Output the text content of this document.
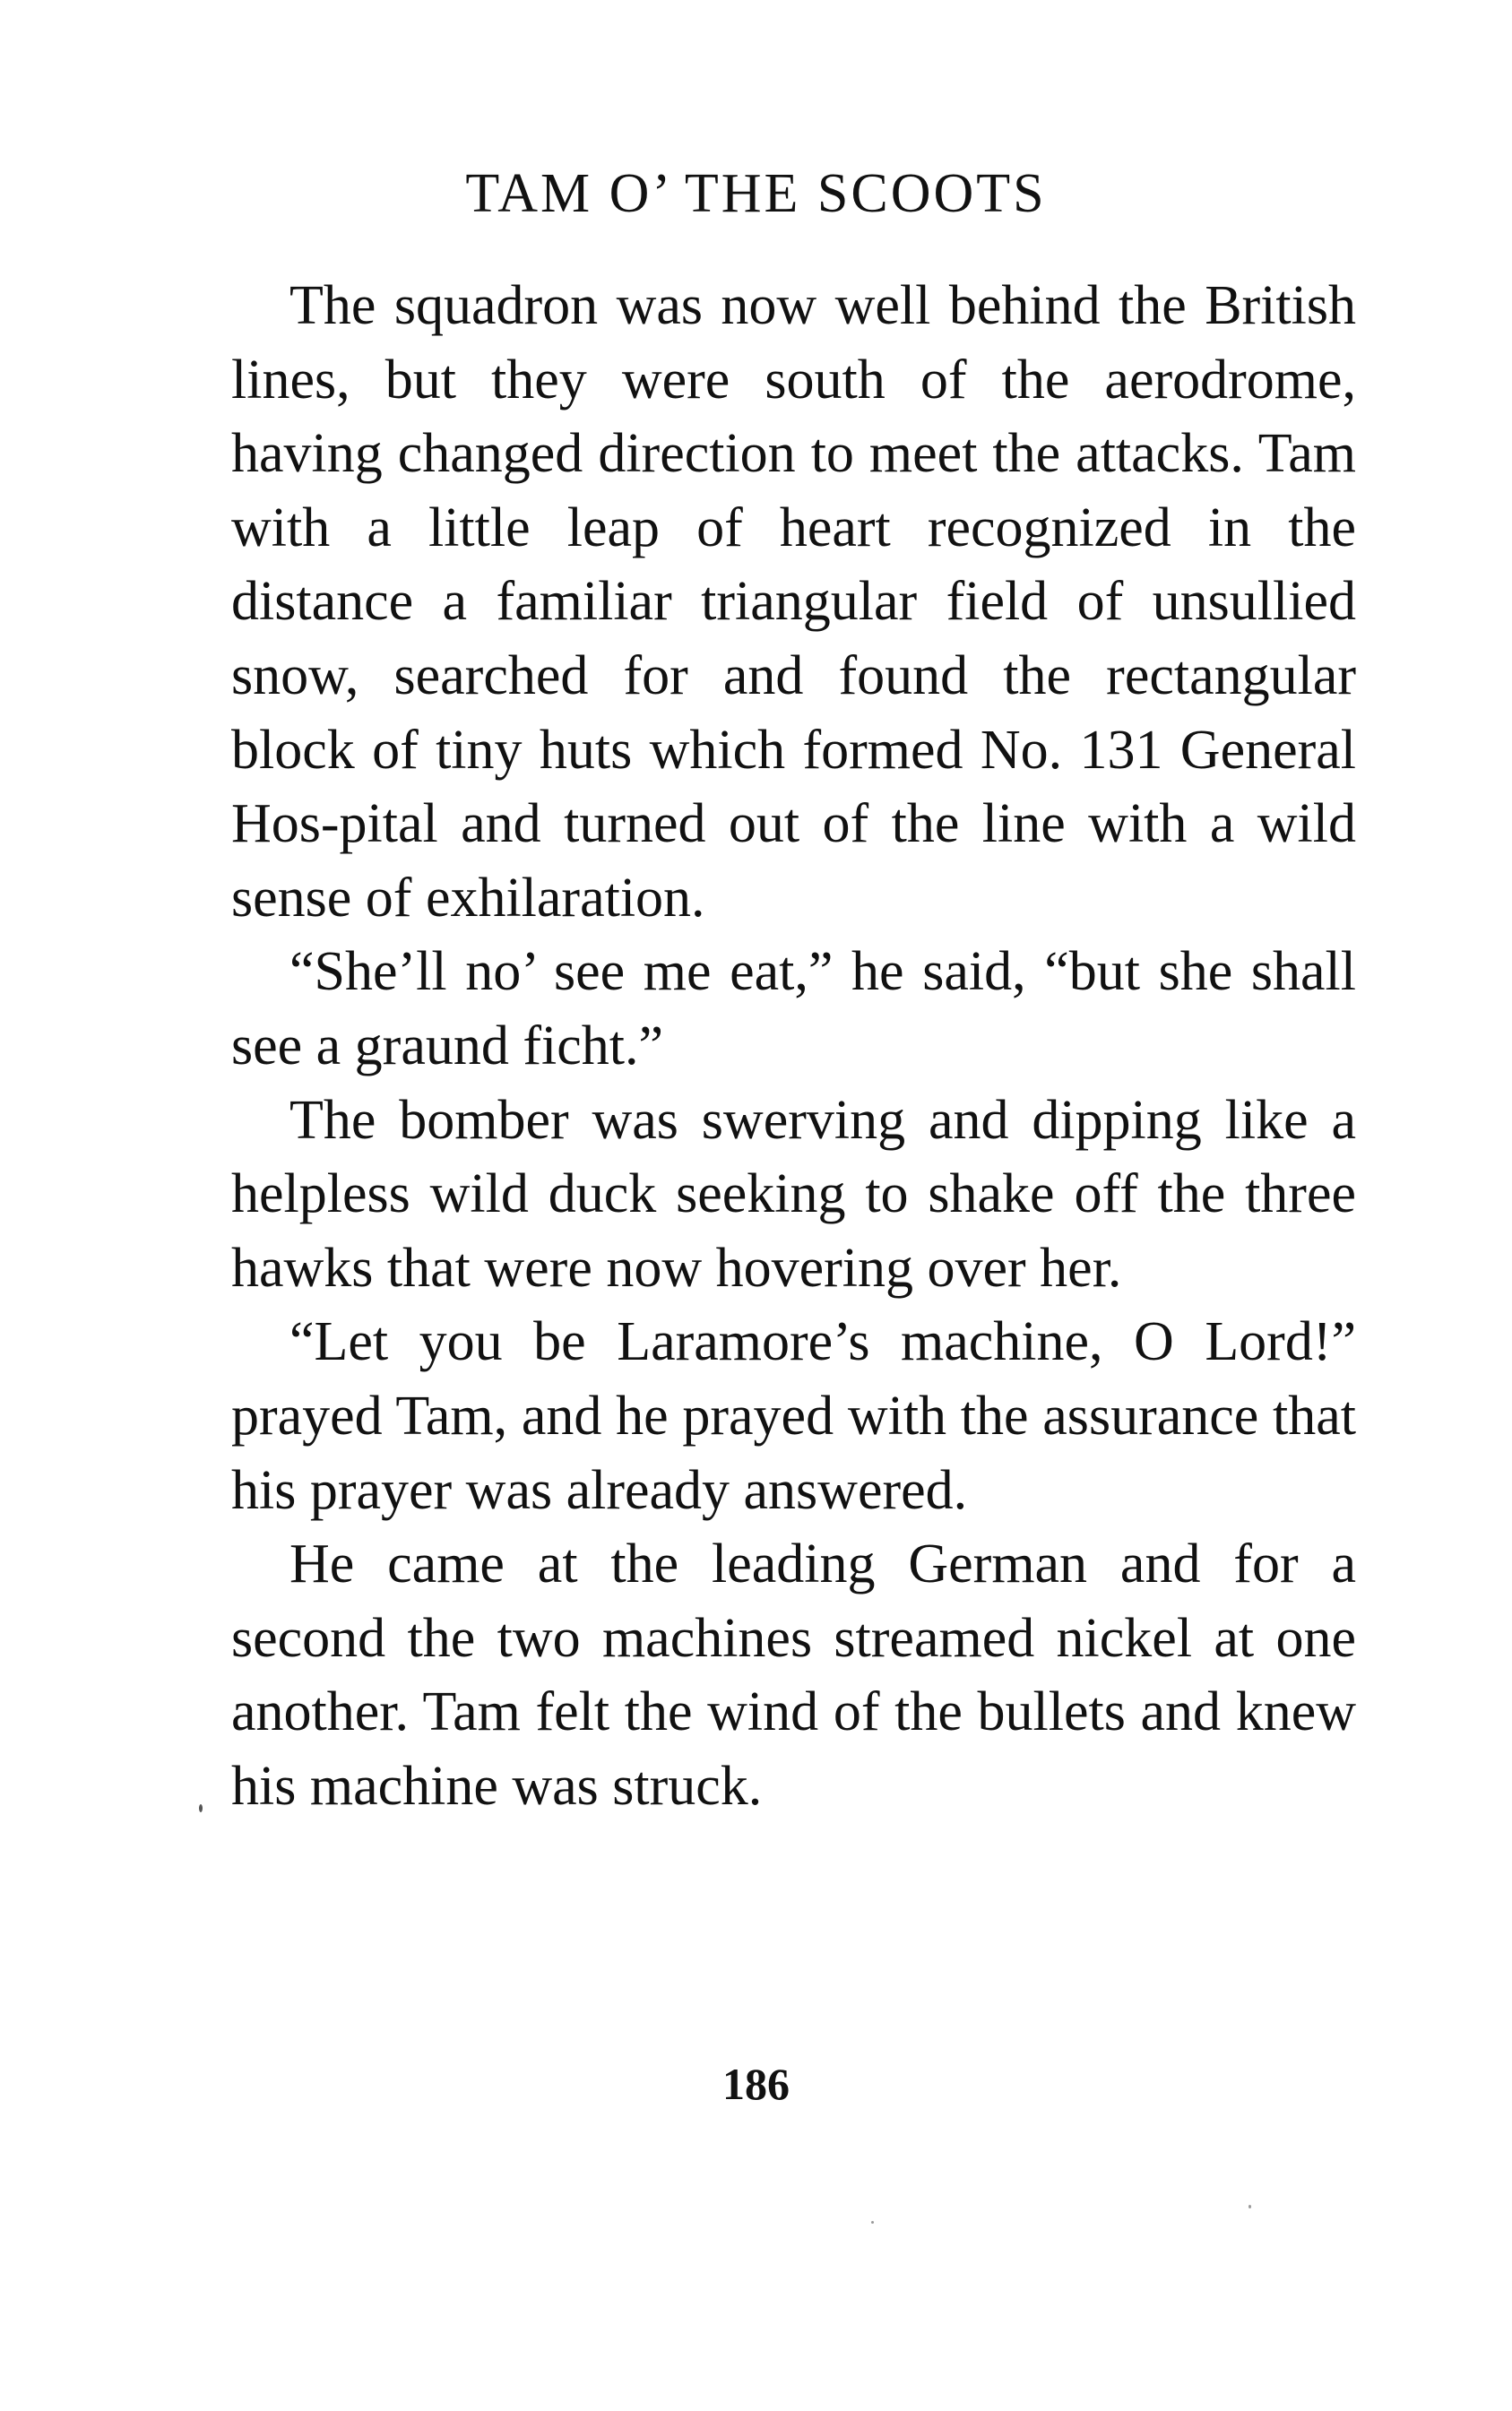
TAM O’ THE SCOOTS

The squadron was now well behind the British lines, but they were south of the aerodrome, having changed direction to meet the attacks. Tam with a little leap of heart recognized in the distance a familiar triangular field of unsullied snow, searched for and found the rectangular block of tiny huts which formed No. 131 General Hos-pital and turned out of the line with a wild sense of exhilaration.

“She’ll no’ see me eat,” he said, “but she shall see a graund ficht.”

The bomber was swerving and dipping like a helpless wild duck seeking to shake off the three hawks that were now hovering over her.

“Let you be Laramore’s machine, O Lord!” prayed Tam, and he prayed with the assurance that his prayer was already answered.

He came at the leading German and for a second the two machines streamed nickel at one another. Tam felt the wind of the bullets and knew his machine was struck.

186
